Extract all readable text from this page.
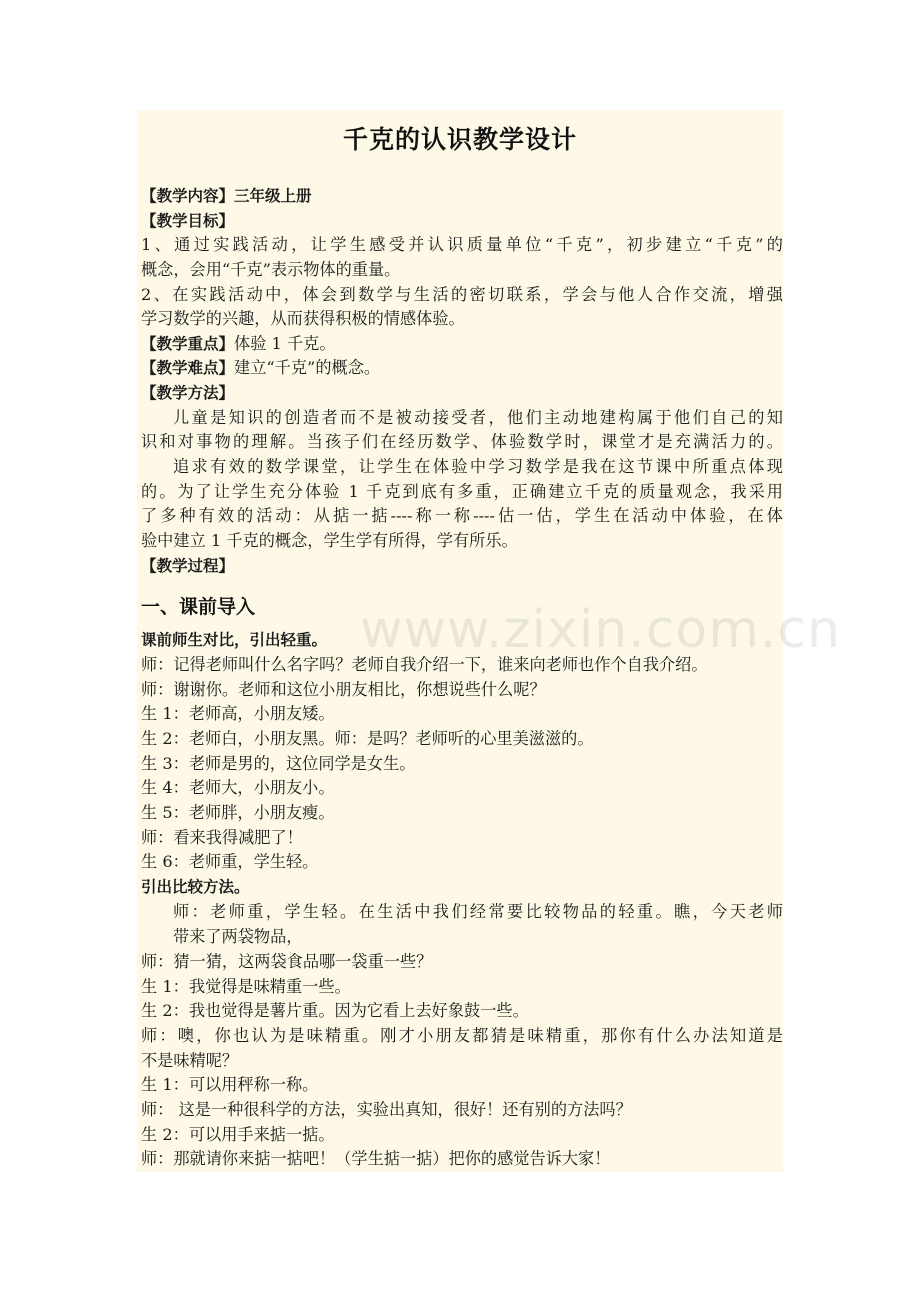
千克的认识教学设计
【教学内容】三年级上册
【教学目标】
1、通过实践活动，让学生感受并认识质量单位“千克”，初步建立“千克”的
概念，会用“千克”表示物体的重量。
2、在实践活动中，体会到数学与生活的密切联系，学会与他人合作交流，增强
学习数学的兴趣，从而获得积极的情感体验。
【教学重点】体验 1 千克。
【教学难点】建立“千克”的概念。
【教学方法】
儿童是知识的创造者而不是被动接受者，他们主动地建构属于他们自己的知
识和对事物的理解。当孩子们在经历数学、体验数学时，课堂才是充满活力的。
追求有效的数学课堂，让学生在体验中学习数学是我在这节课中所重点体现
的。为了让学生充分体验 1 千克到底有多重，正确建立千克的质量观念，我采用
了多种有效的活动：从掂一掂----称一称----估一估，学生在活动中体验，在体
验中建立 1 千克的概念，学生学有所得，学有所乐。
【教学过程】
一、课前导入
课前师生对比，引出轻重。
师：记得老师叫什么名字吗？老师自我介绍一下，谁来向老师也作个自我介绍。
师：谢谢你。老师和这位小朋友相比，你想说些什么呢？
生 1：老师高，小朋友矮。
生 2：老师白，小朋友黑。师：是吗？老师听的心里美滋滋的。
生 3：老师是男的，这位同学是女生。
生 4：老师大，小朋友小。
生 5：老师胖，小朋友瘦。
师：看来我得减肥了！
生 6：老师重，学生轻。
引出比较方法。
师：老师重，学生轻。在生活中我们经常要比较物品的轻重。瞧，今天老师
带来了两袋物品，
师：猜一猜，这两袋食品哪一袋重一些？
生 1：我觉得是味精重一些。
生 2：我也觉得是薯片重。因为它看上去好象鼓一些。
师：噢，你也认为是味精重。刚才小朋友都猜是味精重，那你有什么办法知道是
不是味精呢？
生 1：可以用秤称一称。
师： 这是一种很科学的方法，实验出真知，很好！还有别的方法吗？
生 2：可以用手来掂一掂。
师：那就请你来掂一掂吧！（学生掂一掂）把你的感觉告诉大家！
